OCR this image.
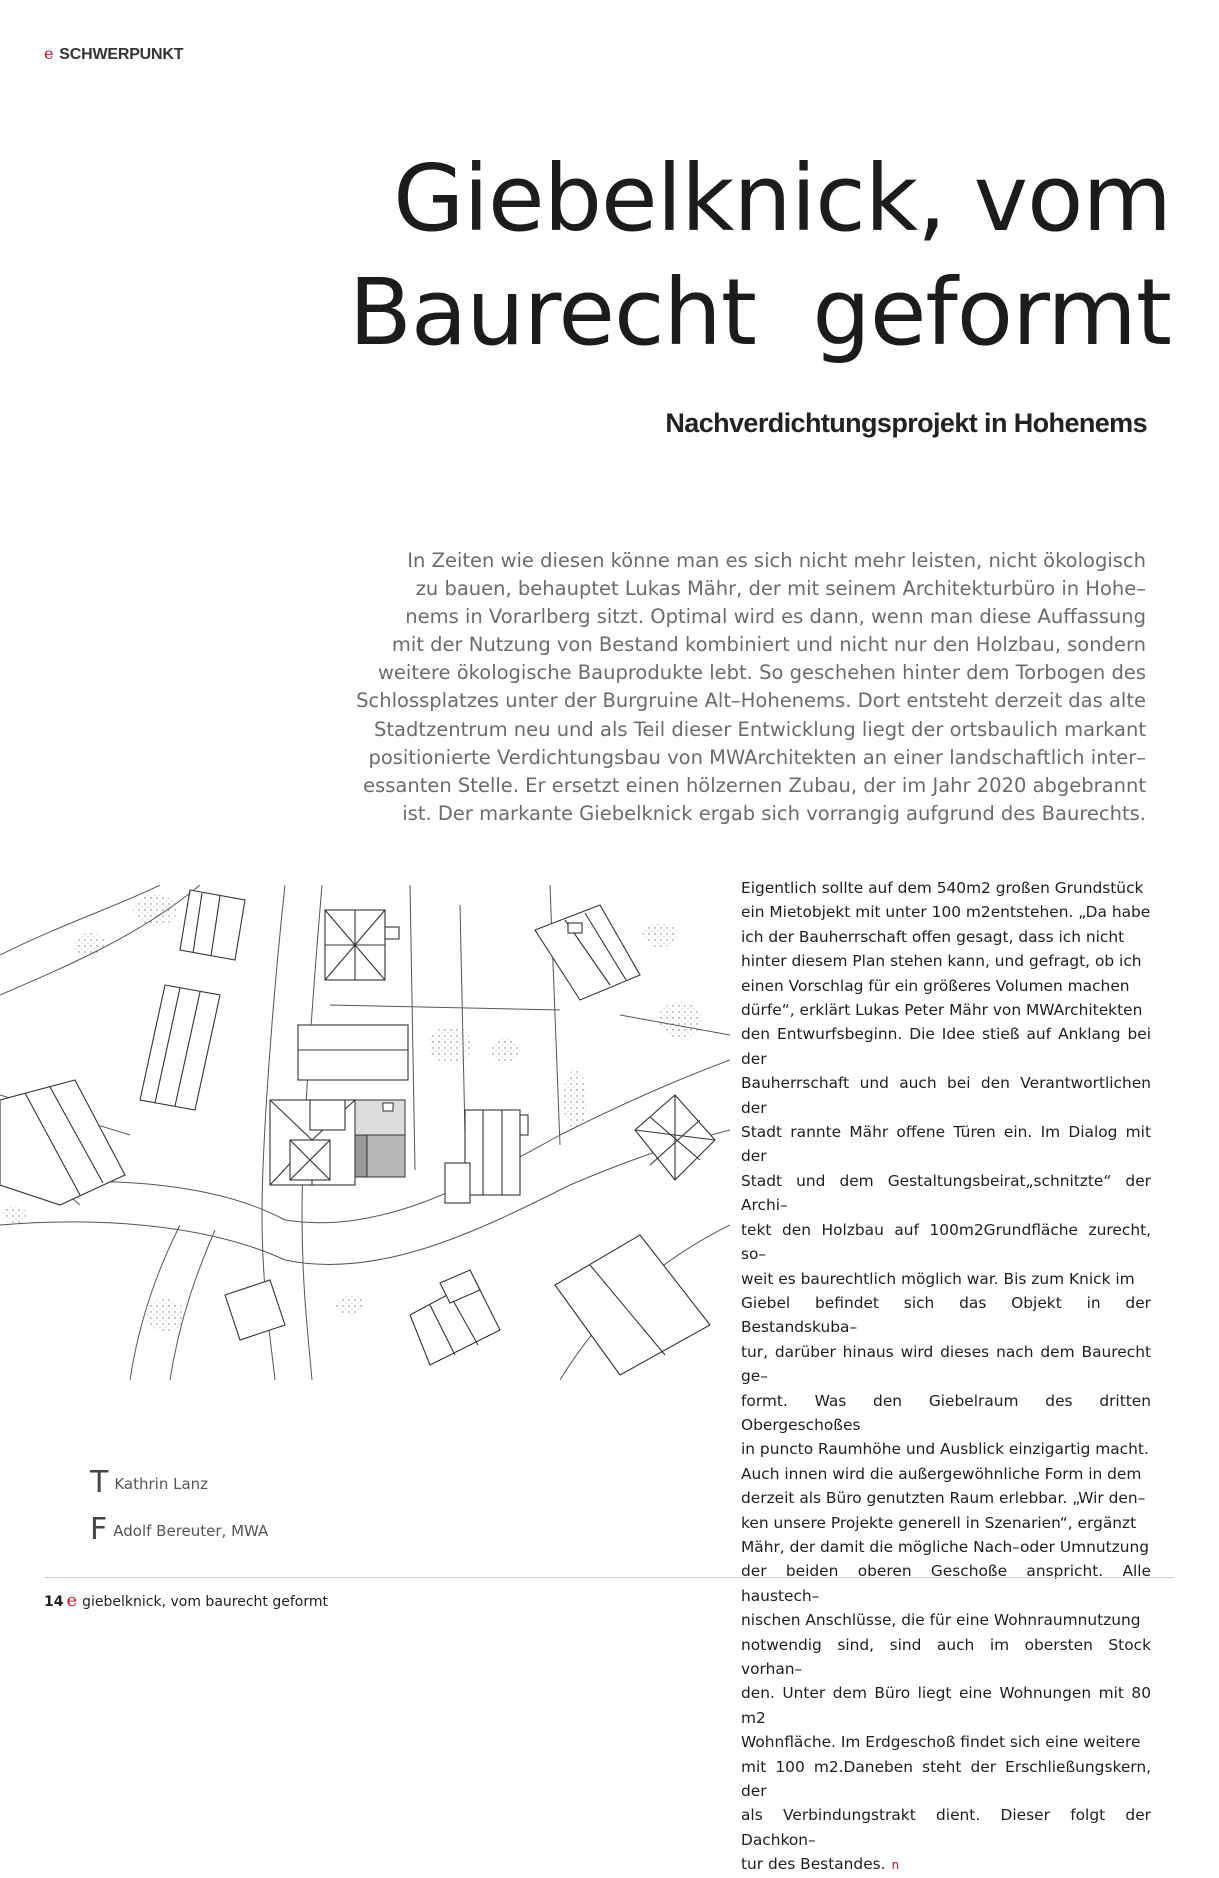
e SCHWERPUNKT
Giebelknick, vom
Baurecht  geformt
Nachverdichtungsprojekt in Hohenems

In Zeiten wie diesen könne man es sich nicht mehr leisten, nicht ökologisch
zu bauen, behauptet Lukas Mähr, der mit seinem Architekturbüro in Hohe–
nems in Vorarlberg sitzt. Optimal wird es dann, wenn man diese Auffassung
mit der Nutzung von Bestand kombiniert und nicht nur den Holzbau, sondern
weitere ökologische Bauprodukte lebt. So geschehen hinter dem Torbogen des
Schlossplatzes unter der Burgruine Alt–Hohenems. Dort entsteht derzeit das alte
Stadtzentrum neu und als Teil dieser Entwicklung liegt der ortsbaulich markant
positionierte Verdichtungsbau von MWArchitekten an einer landschaftlich inter–
essanten Stelle. Er ersetzt einen hölzernen Zubau, der im Jahr 2020 abgebrannt
ist. Der markante Giebelknick ergab sich vorrangig aufgrund des Baurechts.

Eigentlich sollte auf dem 540m2 großen Grundstück
ein Mietobjekt mit unter 100 m2entstehen. „Da habe
ich der Bauherrschaft offen gesagt, dass ich nicht
hinter diesem Plan stehen kann, und gefragt, ob ich
einen Vorschlag für ein größeres Volumen machen
dürfe“, erklärt Lukas Peter Mähr von MWArchitekten
den Entwurfsbeginn. Die Idee stieß auf Anklang bei der
Bauherrschaft und auch bei den Verantwortlichen der
Stadt rannte Mähr offene Türen ein. Im Dialog mit der
Stadt und dem Gestaltungsbeirat„schnitzte“ der Archi–
tekt den Holzbau auf 100m2Grundfläche zurecht, so–
weit es baurechtlich möglich war. Bis zum Knick im
Giebel befindet sich das Objekt in der Bestandskuba–
tur, darüber hinaus wird dieses nach dem Baurecht ge–
formt. Was den Giebelraum des dritten Obergeschoßes
in puncto Raumhöhe und Ausblick einzigartig macht.
Auch innen wird die außergewöhnliche Form in dem
derzeit als Büro genutzten Raum erlebbar. „Wir den–
ken unsere Projekte generell in Szenarien“, ergänzt
Mähr, der damit die mögliche Nach–oder Umnutzung
der beiden oberen Geschoße anspricht. Alle haustech–
nischen Anschlüsse, die für eine Wohnraumnutzung
notwendig sind, sind auch im obersten Stock vorhan–
den. Unter dem Büro liegt eine Wohnungen mit 80 m2
Wohnfläche. Im Erdgeschoß findet sich eine weitere
mit 100 m2.Daneben steht der Erschließungskern, der
als Verbindungstrakt dient. Dieser folgt der Dachkon–
tur des Bestandes. n

T Kathrin Lanz
F Adolf Bereuter, MWA
14 e giebelknick, vom baurecht geformt
